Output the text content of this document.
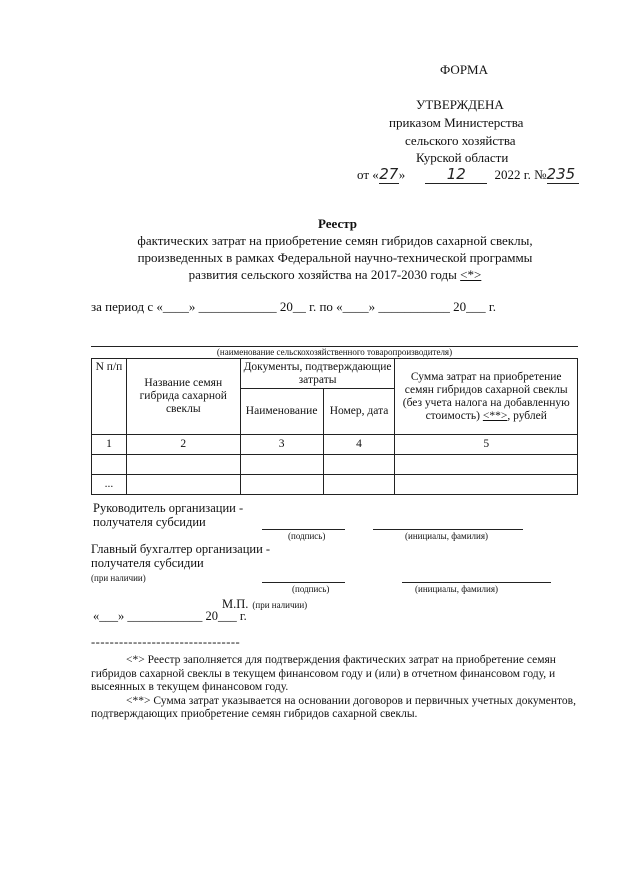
ФОРМА
УТВЕРЖДЕНА
приказом Министерства
сельского хозяйства
Курской области
от «27»	12 2022 г. №235
Реестр
фактических затрат на приобретение семян гибридов сахарной свеклы,
произведенных в рамках Федеральной научно-технической программы
развития сельского хозяйства на 2017-2030 годы <*>
за период с «____» ____________ 20__ г. по «____» ___________ 20___ г.
(наименование сельскохозяйственного товаропроизводителя)
N п/п	Название семян гибрида сахарной свеклы	Документы, подтверждающие затраты		Сумма затрат на приобретение семян гибридов сахарной свеклы (без учета налога на добавленную стоимость) <**>, рублей
		Наименование	Номер, дата	
1	2	3	4	5

...				
Руководитель организации -
получателя субсидии
(подпись)	(инициалы, фамилия)
Главный бухгалтер организации -
получателя субсидии
(при наличии)
(подпись)	(инициалы, фамилия)
М.П. (при наличии)
«___» ____________ 20___ г.
--------------------------------

<*> Реестр заполняется для подтверждения фактических затрат на приобретение семян гибридов сахарной свеклы в текущем финансовом году и (или) в отчетном финансовом году, и высеянных в текущем финансовом году.

<**> Сумма затрат указывается на основании договоров и первичных учетных документов, подтверждающих приобретение семян гибридов сахарной свеклы.
